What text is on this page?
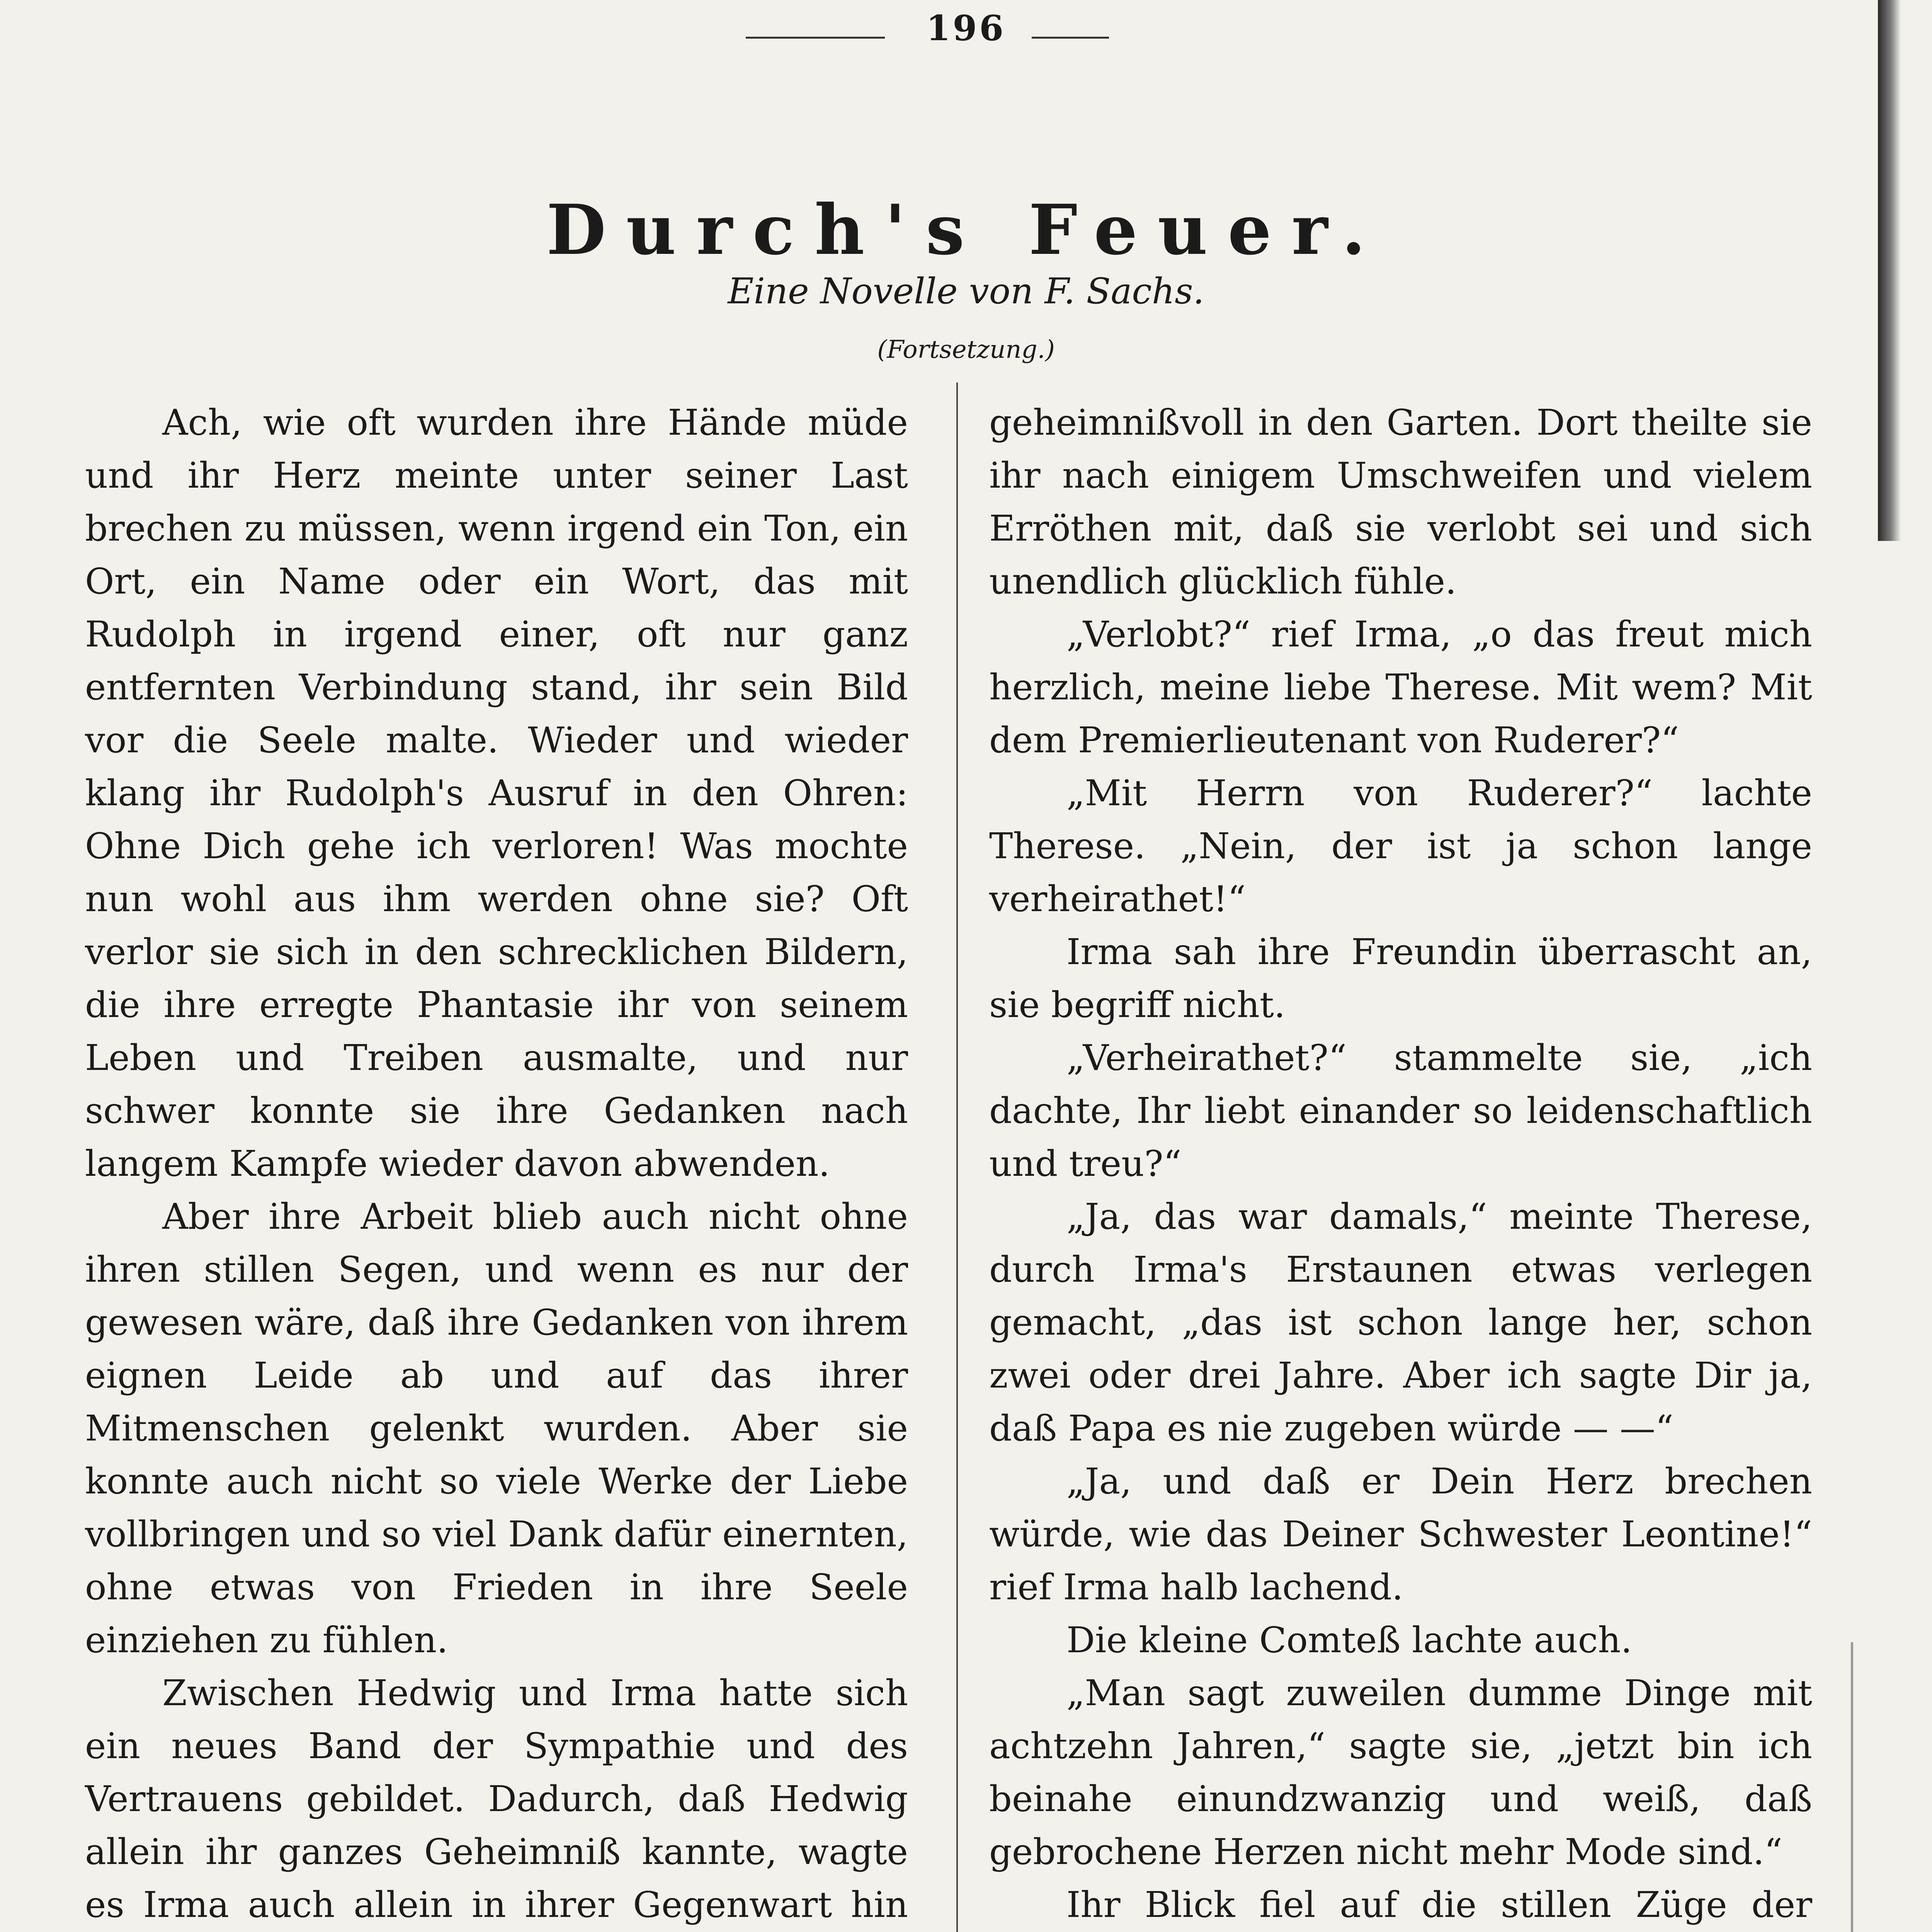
196
Durch's Feuer.
Eine Novelle von F. Sachs.
(Fortsetzung.)

Ach, wie oft wurden ihre Hände müde und ihr Herz meinte unter seiner Last brechen zu müssen, wenn irgend ein Ton, ein Ort, ein Name oder ein Wort, das mit Rudolph in irgend einer, oft nur ganz entfernten Verbindung stand, ihr sein Bild vor die Seele malte. Wieder und wieder klang ihr Rudolph's Ausruf in den Ohren: Ohne Dich gehe ich verloren! Was mochte nun wohl aus ihm werden ohne sie? Oft verlor sie sich in den schrecklichen Bildern, die ihre erregte Phantasie ihr von seinem Leben und Treiben ausmalte, und nur schwer konnte sie ihre Gedanken nach langem Kampfe wieder davon abwenden.

Aber ihre Arbeit blieb auch nicht ohne ihren stillen Segen, und wenn es nur der gewesen wäre, daß ihre Gedanken von ihrem eignen Leide ab und auf das ihrer Mitmenschen gelenkt wurden. Aber sie konnte auch nicht so viele Werke der Liebe vollbringen und so viel Dank dafür einernten, ohne etwas von Frieden in ihre Seele einziehen zu fühlen.

Zwischen Hedwig und Irma hatte sich ein neues Band der Sympathie und des Vertrauens gebildet. Dadurch, daß Hedwig allein ihr ganzes Geheimniß kannte, wagte es Irma auch allein in ihrer Gegenwart hin

geheimnißvoll in den Garten. Dort theilte sie ihr nach einigem Umschweifen und vielem Erröthen mit, daß sie verlobt sei und sich unendlich glücklich fühle.

„Verlobt?“ rief Irma, „o das freut mich herzlich, meine liebe Therese. Mit wem? Mit dem Premierlieutenant von Ruderer?“

„Mit Herrn von Ruderer?“ lachte Therese. „Nein, der ist ja schon lange verheirathet!“

Irma sah ihre Freundin überrascht an, sie begriff nicht.

„Verheirathet?“ stammelte sie, „ich dachte, Ihr liebt einander so leidenschaftlich und treu?“

„Ja, das war damals,“ meinte Therese, durch Irma's Erstaunen etwas verlegen gemacht, „das ist schon lange her, schon zwei oder drei Jahre. Aber ich sagte Dir ja, daß Papa es nie zugeben würde — —“

„Ja, und daß er Dein Herz brechen würde, wie das Deiner Schwester Leontine!“ rief Irma halb lachend.

Die kleine Comteß lachte auch.

„Man sagt zuweilen dumme Dinge mit achtzehn Jahren,“ sagte sie, „jetzt bin ich beinahe einundzwanzig und weiß, daß gebrochene Herzen nicht mehr Mode sind.“

Ihr Blick fiel auf die stillen Züge der
